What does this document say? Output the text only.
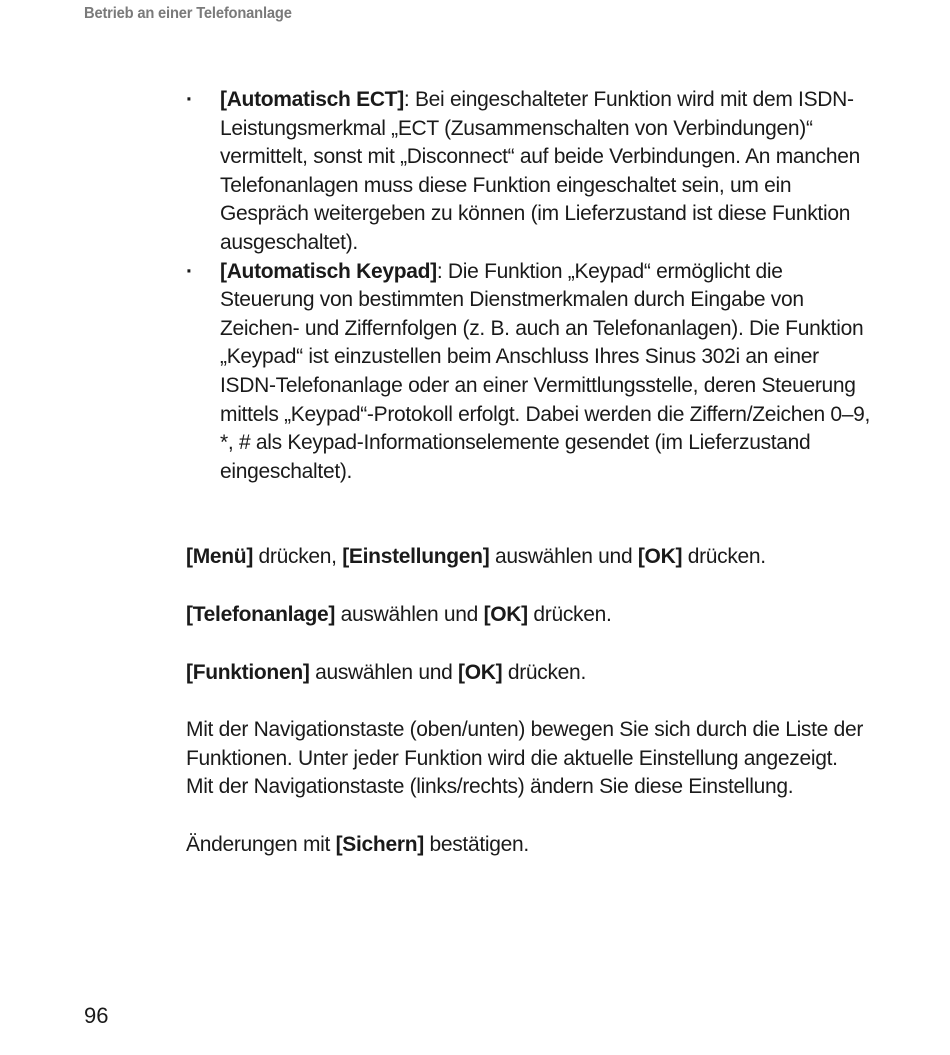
Betrieb an einer Telefonanlage
·	[Automatisch ECT]: Bei eingeschalteter Funktion wird mit dem ISDN-Leistungsmerkmal „ECT (Zusammenschalten von Verbindungen)“ vermittelt, sonst mit „Disconnect“ auf beide Verbindungen. An manchen Telefonanlagen muss diese Funktion eingeschaltet sein, um ein Gespräch weitergeben zu können (im Lieferzustand ist diese Funktion ausgeschaltet).
·	[Automatisch Keypad]: Die Funktion „Keypad“ ermöglicht die Steuerung von bestimmten Dienstmerkmalen durch Eingabe von Zeichen- und Ziffernfolgen (z. B. auch an Telefonanlagen). Die Funktion „Keypad“ ist einzustellen beim Anschluss Ihres Sinus 302i an einer ISDN-Telefonanlage oder an einer Vermittlungsstelle, deren Steuerung mittels „Keypad“-Protokoll erfolgt. Dabei werden die Ziffern/Zeichen 0–9, *, # als Keypad-Informationselemente gesendet (im Lieferzustand eingeschaltet).

[Menü] drücken, [Einstellungen] auswählen und [OK] drücken.

[Telefonanlage] auswählen und [OK] drücken.

[Funktionen] auswählen und [OK] drücken.

Mit der Navigationstaste (oben/unten) bewegen Sie sich durch die Liste der Funktionen. Unter jeder Funktion wird die aktuelle Einstellung angezeigt.
Mit der Navigationstaste (links/rechts) ändern Sie diese Einstellung.

Änderungen mit [Sichern] bestätigen.

96
